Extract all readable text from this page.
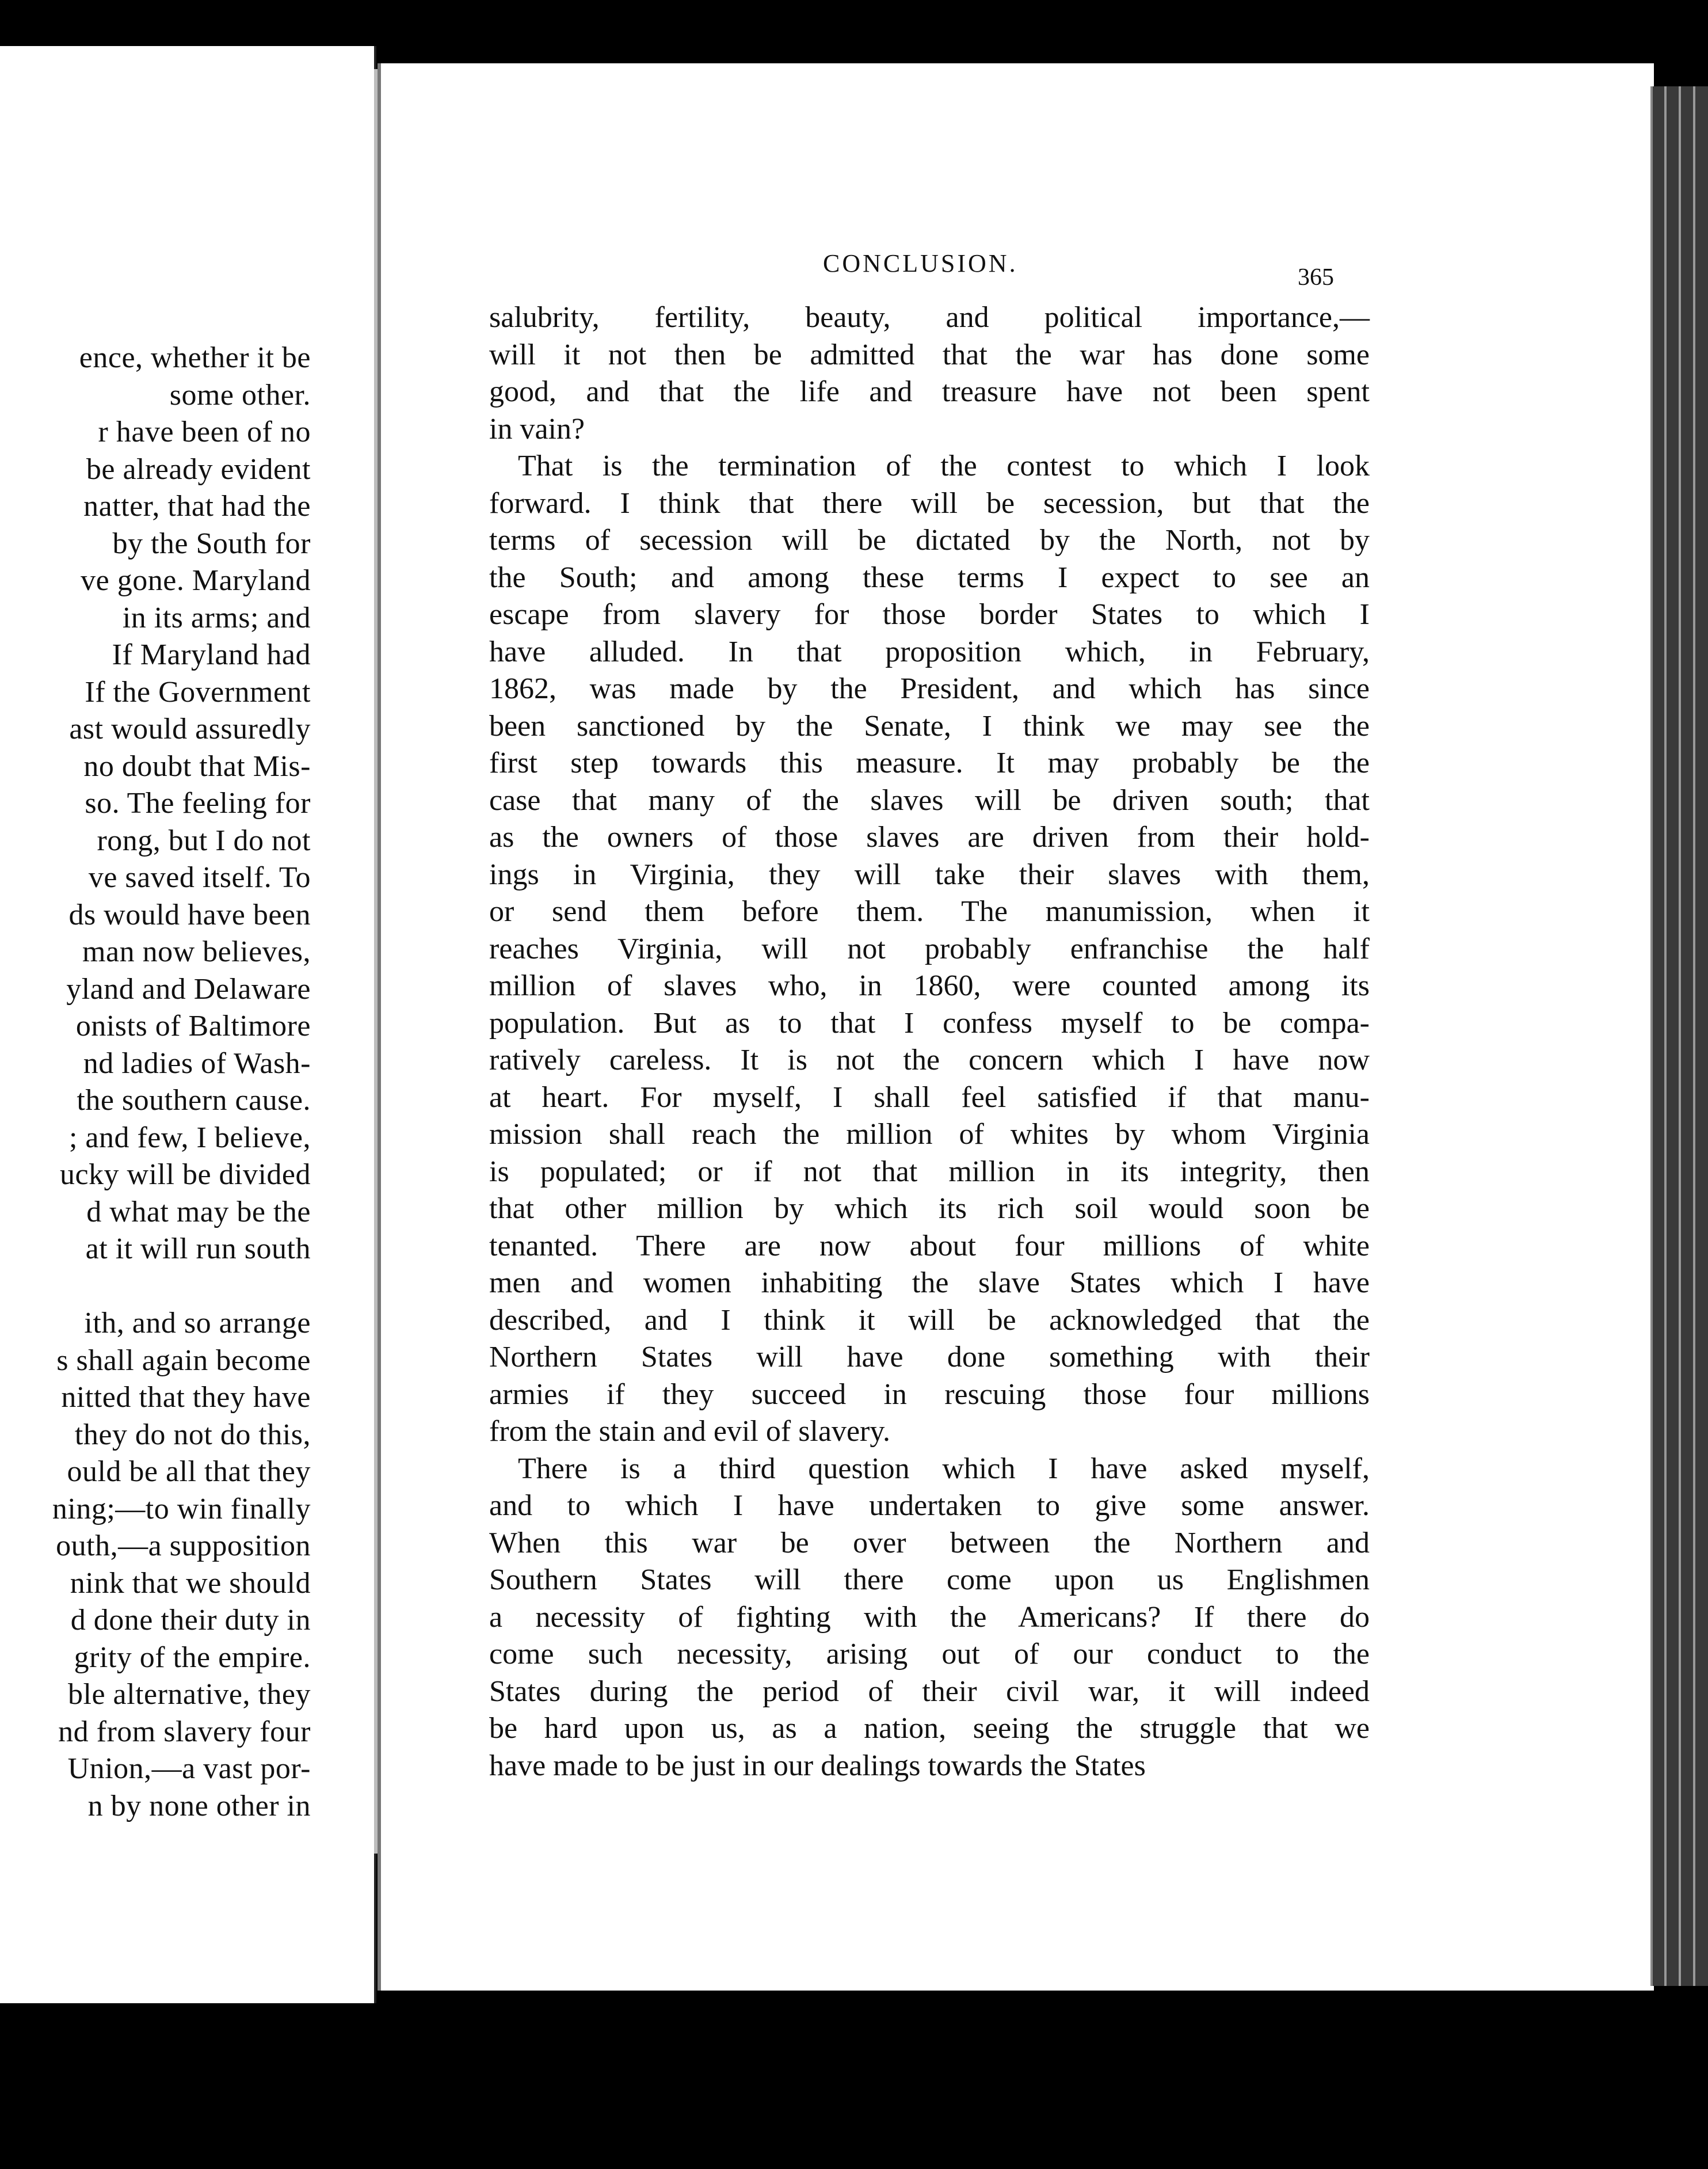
ence, whether it be
some other.
r have been of no
be already evident
natter, that had the
by the South for
ve gone. Maryland
in its arms; and
If Maryland had
If the Government
ast would assuredly
no doubt that Mis-
so. The feeling for
rong, but I do not
ve saved itself. To
ds would have been
man now believes,
yland and Delaware
onists of Baltimore
nd ladies of Wash-
the southern cause.
; and few, I believe,
ucky will be divided
d what may be the
at it will run south
ith, and so arrange
s shall again become
nitted that they have
they do not do this,
ould be all that they
ning;—to win finally
outh,—a supposition
nink that we should
d done their duty in
grity of the empire.
ble alternative, they
nd from slavery four
Union,—a vast por-
n by none other in
CONCLUSION.	365
salubrity, fertility, beauty, and political importance,—
will it not then be admitted that the war has done some
good, and that the life and treasure have not been spent
in vain?
That is the termination of the contest to which I look
forward. I think that there will be secession, but that the
terms of secession will be dictated by the North, not by
the South; and among these terms I expect to see an
escape from slavery for those border States to which I
have alluded. In that proposition which, in February,
1862, was made by the President, and which has since
been sanctioned by the Senate, I think we may see the
first step towards this measure. It may probably be the
case that many of the slaves will be driven south; that
as the owners of those slaves are driven from their hold-
ings in Virginia, they will take their slaves with them,
or send them before them. The manumission, when it
reaches Virginia, will not probably enfranchise the half
million of slaves who, in 1860, were counted among its
population. But as to that I confess myself to be compa-
ratively careless. It is not the concern which I have now
at heart. For myself, I shall feel satisfied if that manu-
mission shall reach the million of whites by whom Virginia
is populated; or if not that million in its integrity, then
that other million by which its rich soil would soon be
tenanted. There are now about four millions of white
men and women inhabiting the slave States which I have
described, and I think it will be acknowledged that the
Northern States will have done something with their
armies if they succeed in rescuing those four millions
from the stain and evil of slavery.
There is a third question which I have asked myself,
and to which I have undertaken to give some answer.
When this war be over between the Northern and
Southern States will there come upon us Englishmen
a necessity of fighting with the Americans? If there do
come such necessity, arising out of our conduct to the
States during the period of their civil war, it will indeed
be hard upon us, as a nation, seeing the struggle that we
have made to be just in our dealings towards the States
